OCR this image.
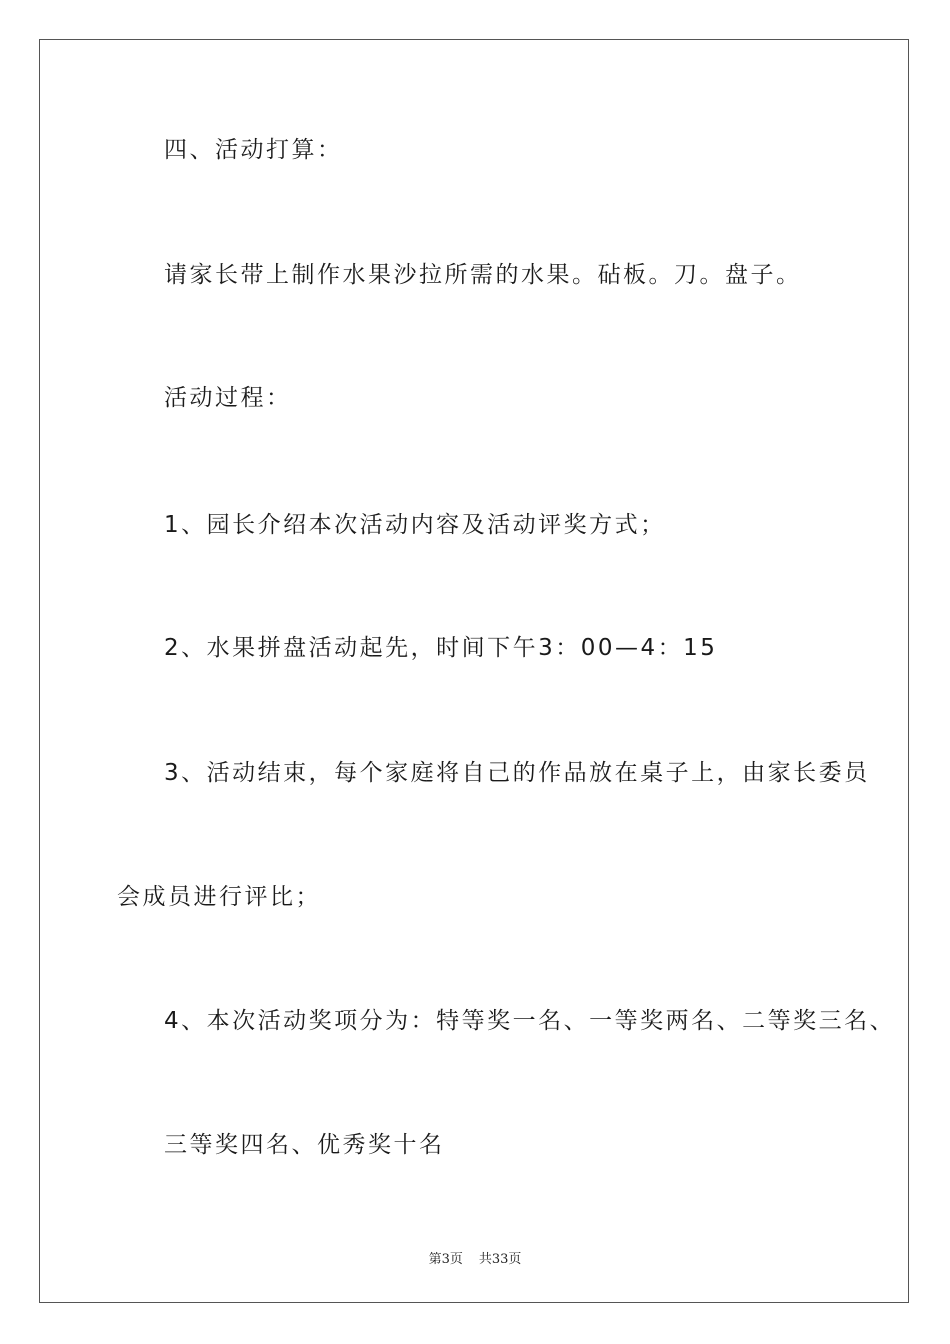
四、活动打算：
请家长带上制作水果沙拉所需的水果。砧板。刀。盘子。
活动过程：
1、园长介绍本次活动内容及活动评奖方式；
2、水果拼盘活动起先，时间下午3：00—4：15
3、活动结束，每个家庭将自己的作品放在桌子上，由家长委员
会成员进行评比；
4、本次活动奖项分为：特等奖一名、一等奖两名、二等奖三名、
三等奖四名、优秀奖十名
第3页 共33页
